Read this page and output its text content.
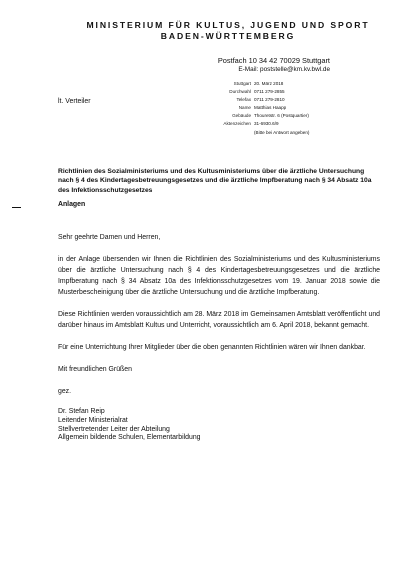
MINISTERIUM FÜR KULTUS, JUGEND UND SPORT
BADEN-WÜRTTEMBERG
Postfach 10 34 42 70029 Stuttgart
E-Mail: poststelle@km.kv.bwl.de
lt. Verteiler
Stuttgart 20. März 2018
Durchwahl 0711 279-2855
Telefax 0711 279-2810
Name Matthias Haapp
Gebäude Thouretstr. 6 (Postquartier)
Aktenzeichen 31-6930.6/9
(Bitte bei Antwort angeben)
Richtlinien des Sozialministeriums und des Kultusministeriums über die ärztliche Untersuchung nach § 4 des Kindertagesbetreuungsgesetzes und die ärztliche Impfberatung nach § 34 Absatz 10a des Infektionsschutzgesetzes
Anlagen
Sehr geehrte Damen und Herren,

in der Anlage übersenden wir Ihnen die Richtlinien des Sozialministeriums und des Kultusministeriums über die ärztliche Untersuchung nach § 4 des Kindertagesbetreuungsgesetzes und die ärztliche Impfberatung nach § 34 Absatz 10a des Infektionsschutzgesetzes vom 19. Januar 2018 sowie die Musterbescheinigung über die ärztliche Untersuchung und die ärztliche Impfberatung.

Diese Richtlinien werden voraussichtlich am 28. März 2018 im Gemeinsamen Amtsblatt veröffentlicht und darüber hinaus im Amtsblatt Kultus und Unterricht, voraussichtlich am 6. April 2018, bekannt gemacht.

Für eine Unterrichtung Ihrer Mitglieder über die oben genannten Richtlinien wären wir Ihnen dankbar.

Mit freundlichen Grüßen
gez.
Dr. Stefan Reip
Leitender Ministerialrat
Stellvertretender Leiter der Abteilung
Allgemein bildende Schulen, Elementarbildung
